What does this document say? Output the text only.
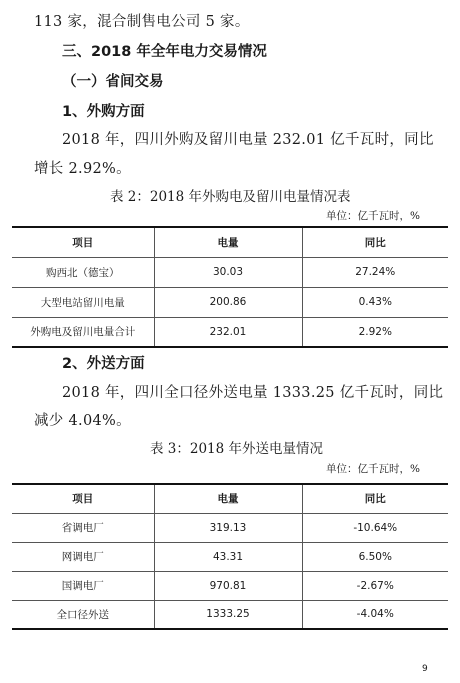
113 家，混合制售电公司 5 家。
三、2018 年全年电力交易情况
（一）省间交易
1、外购方面
2018 年，四川外购及留川电量 232.01 亿千瓦时，同比
增长 2.92%。
表 2：2018 年外购电及留川电量情况表
单位：亿千瓦时，%
项目	电量	同比
购西北（德宝）	30.03	27.24%
大型电站留川电量	200.86	0.43%
外购电及留川电量合计	232.01	2.92%
2、外送方面
2018 年，四川全口径外送电量 1333.25 亿千瓦时，同比
减少 4.04%。
表 3：2018 年外送电量情况
单位：亿千瓦时，%
项目	电量	同比
省调电厂	319.13	-10.64%
网调电厂	43.31	6.50%
国调电厂	970.81	-2.67%
全口径外送	1333.25	-4.04%
9
